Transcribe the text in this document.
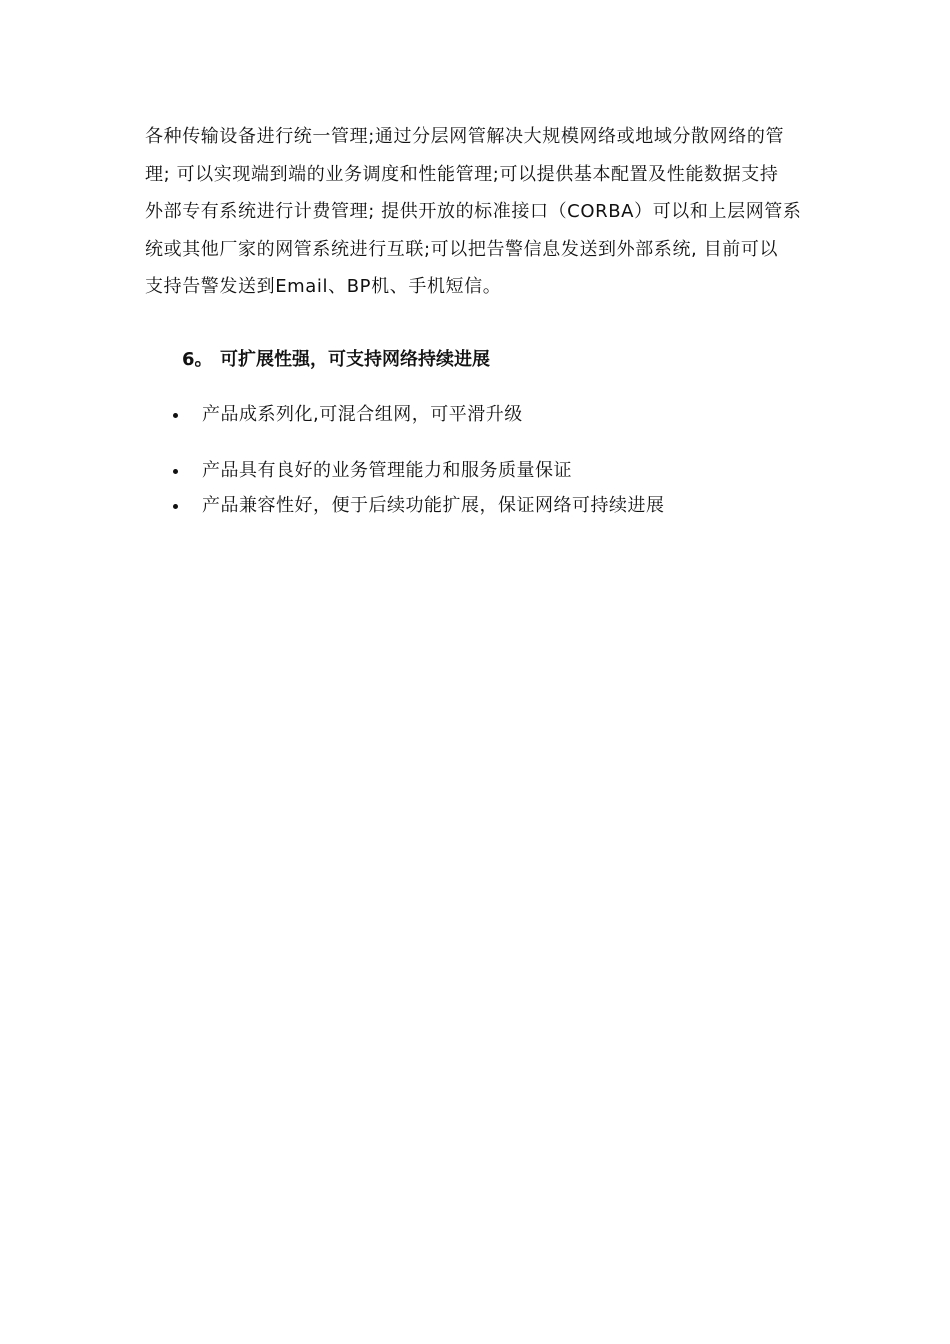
各种传输设备进行统一管理;通过分层网管解决大规模网络或地域分散网络的管
理; 可以实现端到端的业务调度和性能管理;可以提供基本配置及性能数据支持
外部专有系统进行计费管理; 提供开放的标准接口（CORBA）可以和上层网管系
统或其他厂家的网管系统进行互联;可以把告警信息发送到外部系统, 目前可以
支持告警发送到Email、BP机、手机短信。
6。 可扩展性强，可支持网络持续进展
产品成系列化,可混合组网，可平滑升级
产品具有良好的业务管理能力和服务质量保证
产品兼容性好，便于后续功能扩展，保证网络可持续进展
